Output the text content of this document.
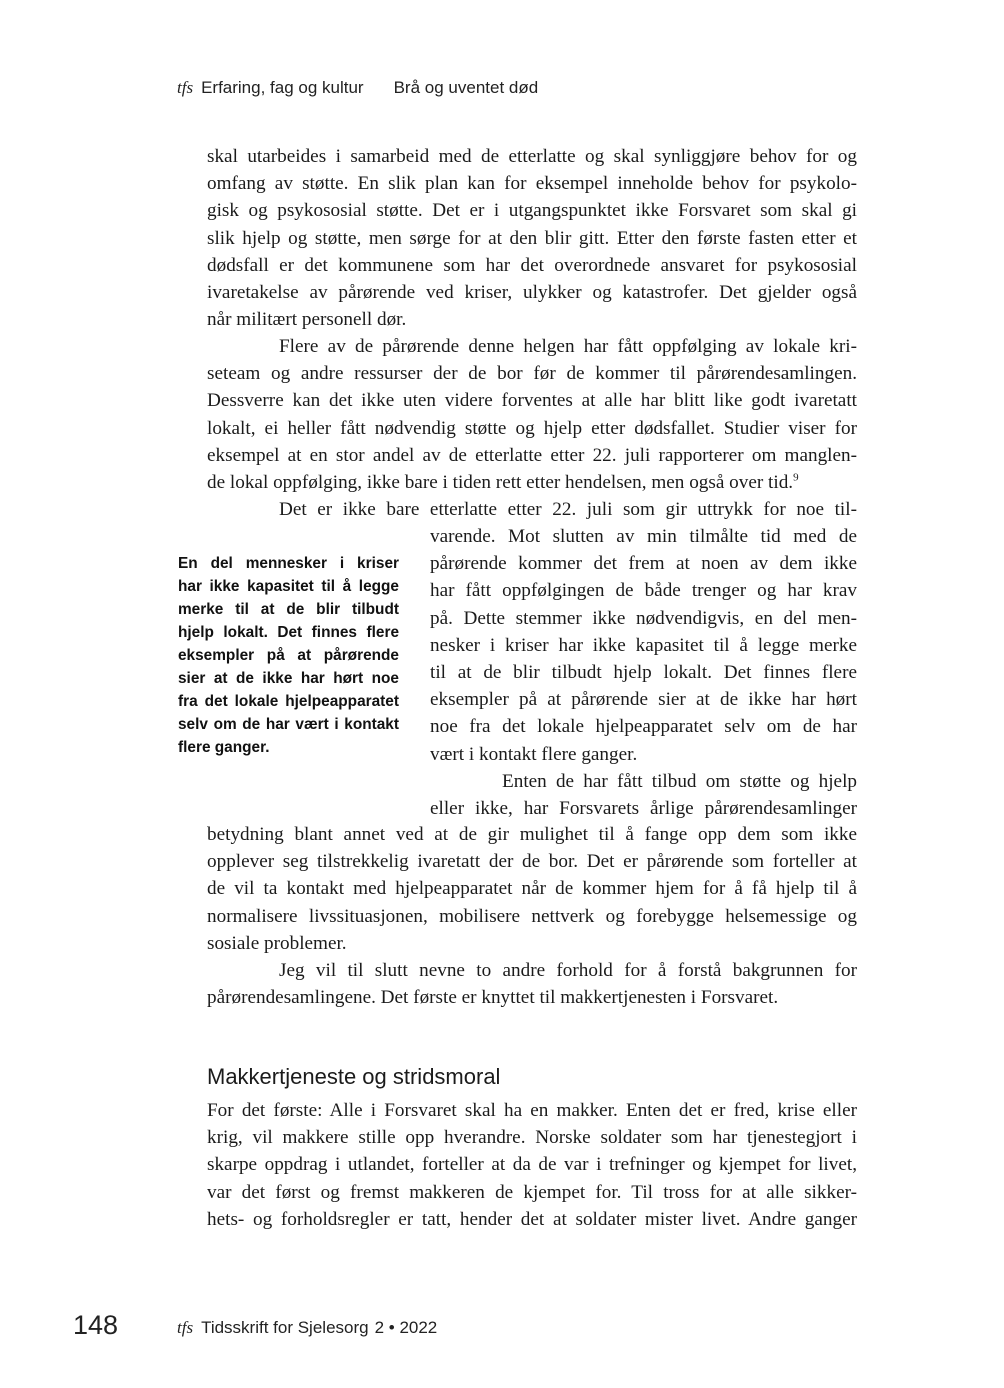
tfs Erfaring, fag og kultur Brå og uventet død
skal utarbeides i samarbeid med de etterlatte og skal synliggjøre behov for og
omfang av støtte. En slik plan kan for eksempel inneholde behov for psykolo-
gisk og psykososial støtte. Det er i utgangspunktet ikke Forsvaret som skal gi
slik hjelp og støtte, men sørge for at den blir gitt. Etter den første fasten etter et
dødsfall er det kommunene som har det overordnede ansvaret for psykososial
ivaretakelse av pårørende ved kriser, ulykker og katastrofer. Det gjelder også
når militært personell dør.
Flere av de pårørende denne helgen har fått oppfølging av lokale kri-
seteam og andre ressurser der de bor før de kommer til pårørendesamlingen.
Dessverre kan det ikke uten videre forventes at alle har blitt like godt ivaretatt
lokalt, ei heller fått nødvendig støtte og hjelp etter dødsfallet. Studier viser for
eksempel at en stor andel av de etterlatte etter 22. juli rapporterer om manglen-
de lokal oppfølging, ikke bare i tiden rett etter hendelsen, men også over tid.$^9$
Det er ikke bare etterlatte etter 22. juli som gir uttrykk for noe til-
varende. Mot slutten av min tilmålte tid med de
pårørende kommer det frem at noen av dem ikke
har fått oppfølgingen de både trenger og har krav
på. Dette stemmer ikke nødvendigvis, en del men-
nesker i kriser har ikke kapasitet til å legge merke
til at de blir tilbudt hjelp lokalt. Det finnes flere
eksempler på at pårørende sier at de ikke har hørt
noe fra det lokale hjelpeapparatet selv om de har
vært i kontakt flere ganger.
Enten de har fått tilbud om støtte og hjelp
eller ikke, har Forsvarets årlige pårørendesamlinger
En del mennesker i kriser
har ikke kapasitet til å legge
merke til at de blir tilbudt
hjelp lokalt. Det finnes flere
eksempler på at pårørende
sier at de ikke har hørt noe
fra det lokale hjelpeapparatet
selv om de har vært i kontakt
flere ganger.
betydning blant annet ved at de gir mulighet til å fange opp dem som ikke
opplever seg tilstrekkelig ivaretatt der de bor. Det er pårørende som forteller at
de vil ta kontakt med hjelpeapparatet når de kommer hjem for å få hjelp til å
normalisere livssituasjonen, mobilisere nettverk og forebygge helsemessige og
sosiale problemer.
Jeg vil til slutt nevne to andre forhold for å forstå bakgrunnen for
pårørendesamlingene. Det første er knyttet til makkertjenesten i Forsvaret.
Makkertjeneste og stridsmoral
For det første: Alle i Forsvaret skal ha en makker. Enten det er fred, krise eller
krig, vil makkere stille opp hverandre. Norske soldater som har tjenestegjort i
skarpe oppdrag i utlandet, forteller at da de var i trefninger og kjempet for livet,
var det først og fremst makkeren de kjempet for. Til tross for at alle sikker-
hets- og forholdsregler er tatt, hender det at soldater mister livet. Andre ganger
148	tfs Tidsskrift for Sjelesorg 2 • 2022
